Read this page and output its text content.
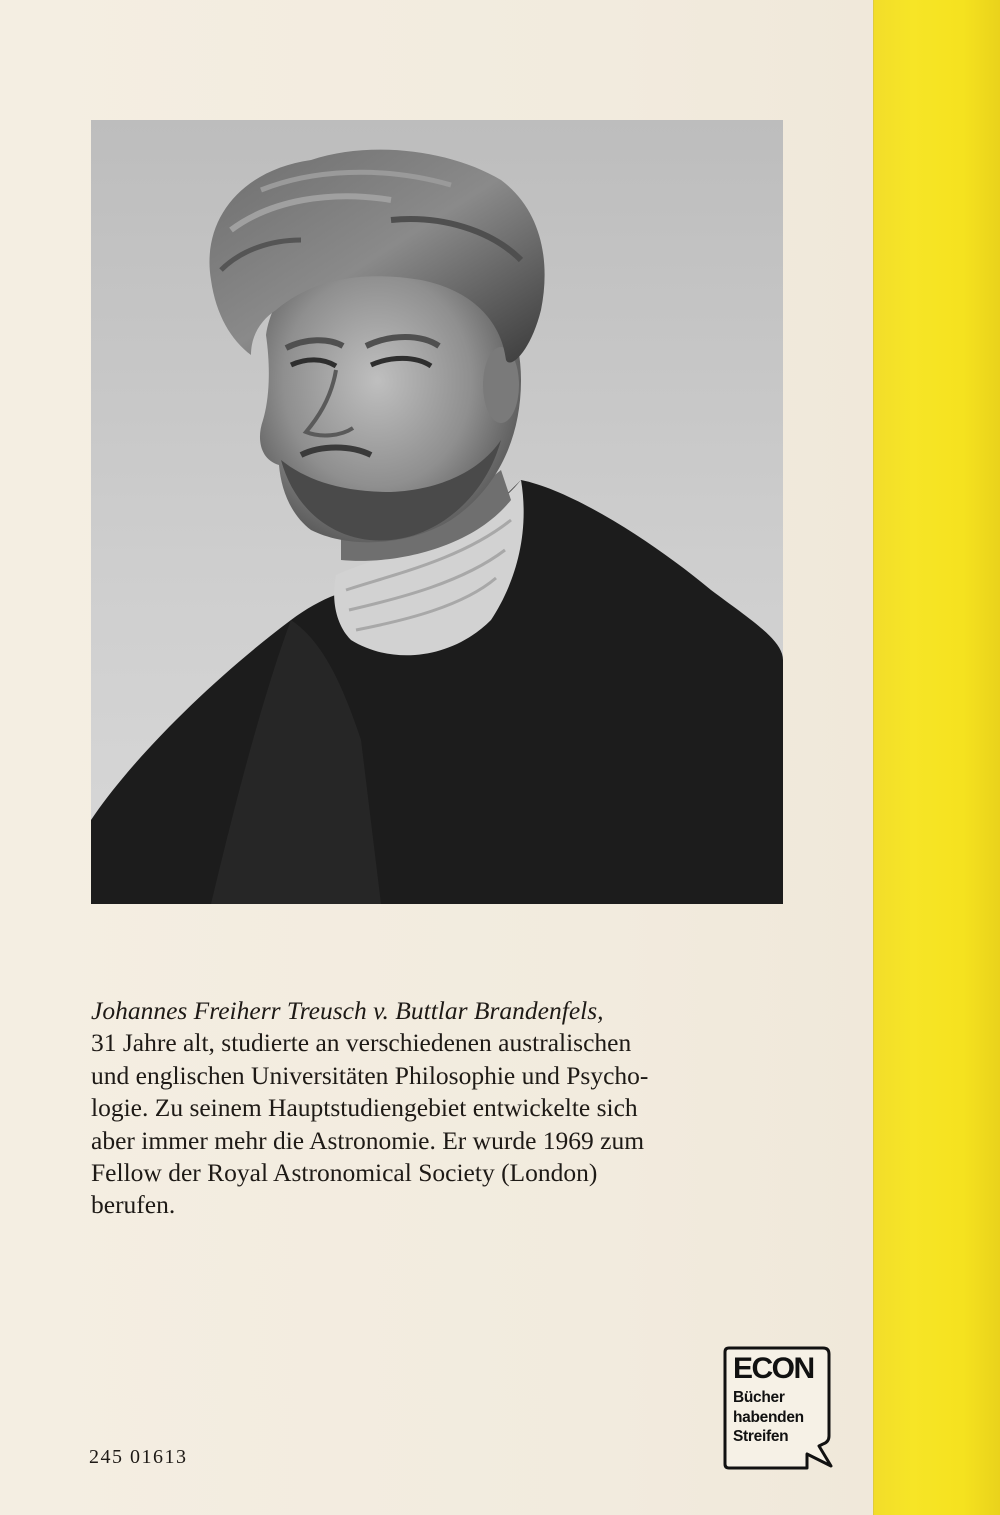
Johannes Freiherr Treusch v. Buttlar Brandenfels,
31 Jahre alt, studierte an verschiedenen australischen
und englischen Universitäten Philosophie und Psycho-
logie. Zu seinem Hauptstudiengebiet entwickelte sich
aber immer mehr die Astronomie. Er wurde 1969 zum
Fellow der Royal Astronomical Society (London)
berufen.
245 01613
ECON
Bücher
habenden
Streifen
